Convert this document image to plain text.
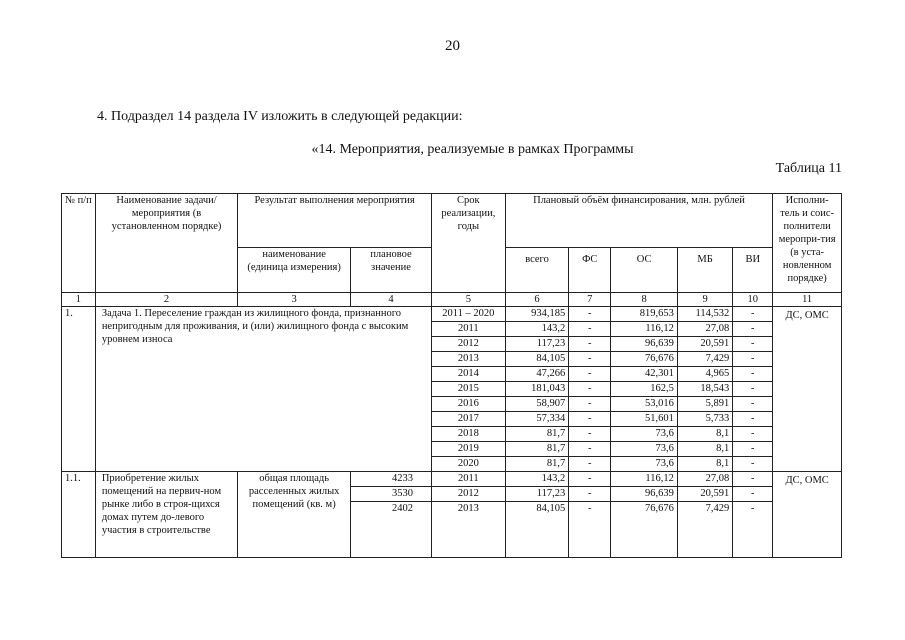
20
4. Подраздел 14 раздела IV изложить в следующей редакции:
«14. Мероприятия, реализуемые в рамках Программы
Таблица 11
№ п/п	Наименование задачи/мероприятия (в установленном порядке)	Результат выполнения мероприятия		Срок реализации, годы	Плановый объём финансирования, млн. рублей					Исполни-тель и соис-полнители меропри-тия (в уста-новленном порядке)
		наименование (единица измерения)	плановое значение		всего	ФС	ОС	МБ	ВИ	
1	2	3	4	5	6	7	8	9	10	11
1.	Задача 1. Переселение граждан из жилищного фонда, признанного непригодным для проживания, и (или) жилищного фонда с высоким уровнем износа			2011 – 2020	934,185	-	819,653	114,532	-	ДС, ОМС
				2011	143,2	-	116,12	27,08	-	
				2012	117,23	-	96,639	20,591	-	
				2013	84,105	-	76,676	7,429	-	
				2014	47,266	-	42,301	4,965	-	
				2015	181,043	-	162,5	18,543	-	
				2016	58,907	-	53,016	5,891	-	
				2017	57,334	-	51,601	5,733	-	
				2018	81,7	-	73,6	8,1	-	
				2019	81,7	-	73,6	8,1	-	
				2020	81,7	-	73,6	8,1	-	
1.1.	Приобретение жилых помещений на первич-ном рынке либо в строя-щихся домах путем до-левого участия в строительстве	общая площадь расселенных жилых помещений (кв. м)	4233	2011	143,2	-	116,12	27,08	-	ДС, ОМС
			3530	2012	117,23	-	96,639	20,591	-	
			2402	2013	84,105	-	76,676	7,429	-	
